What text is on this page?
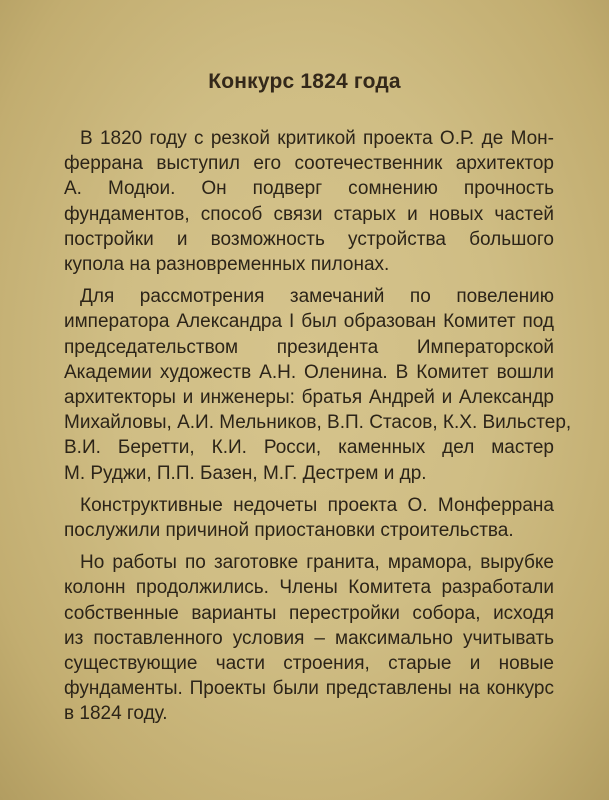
Конкурс 1824 года

В 1820 году с резкой критикой проекта О.Р. де Мон-
феррана выступил его соотечественник архитектор
А. Модюи. Он подверг сомнению прочность
фундаментов, способ связи старых и новых частей
постройки и возможность устройства большого
купола на разновременных пилонах.

Для рассмотрения замечаний по повелению
императора Александра I был образован Комитет под
председательством президента Императорской
Академии художеств А.Н. Оленина. В Комитет вошли
архитекторы и инженеры: братья Андрей и Александр
Михайловы, А.И. Мельников, В.П. Стасов, К.Х. Вильстер,
В.И. Беретти, К.И. Росси, каменных дел мастер
М. Руджи, П.П. Базен, М.Г. Дестрем и др.

Конструктивные недочеты проекта О. Монферрана
послужили причиной приостановки строительства.

Но работы по заготовке гранита, мрамора, вырубке
колонн продолжились. Члены Комитета разработали
собственные варианты перестройки собора, исходя
из поставленного условия – максимально учитывать
существующие части строения, старые и новые
фундаменты. Проекты были представлены на конкурс
в 1824 году.
